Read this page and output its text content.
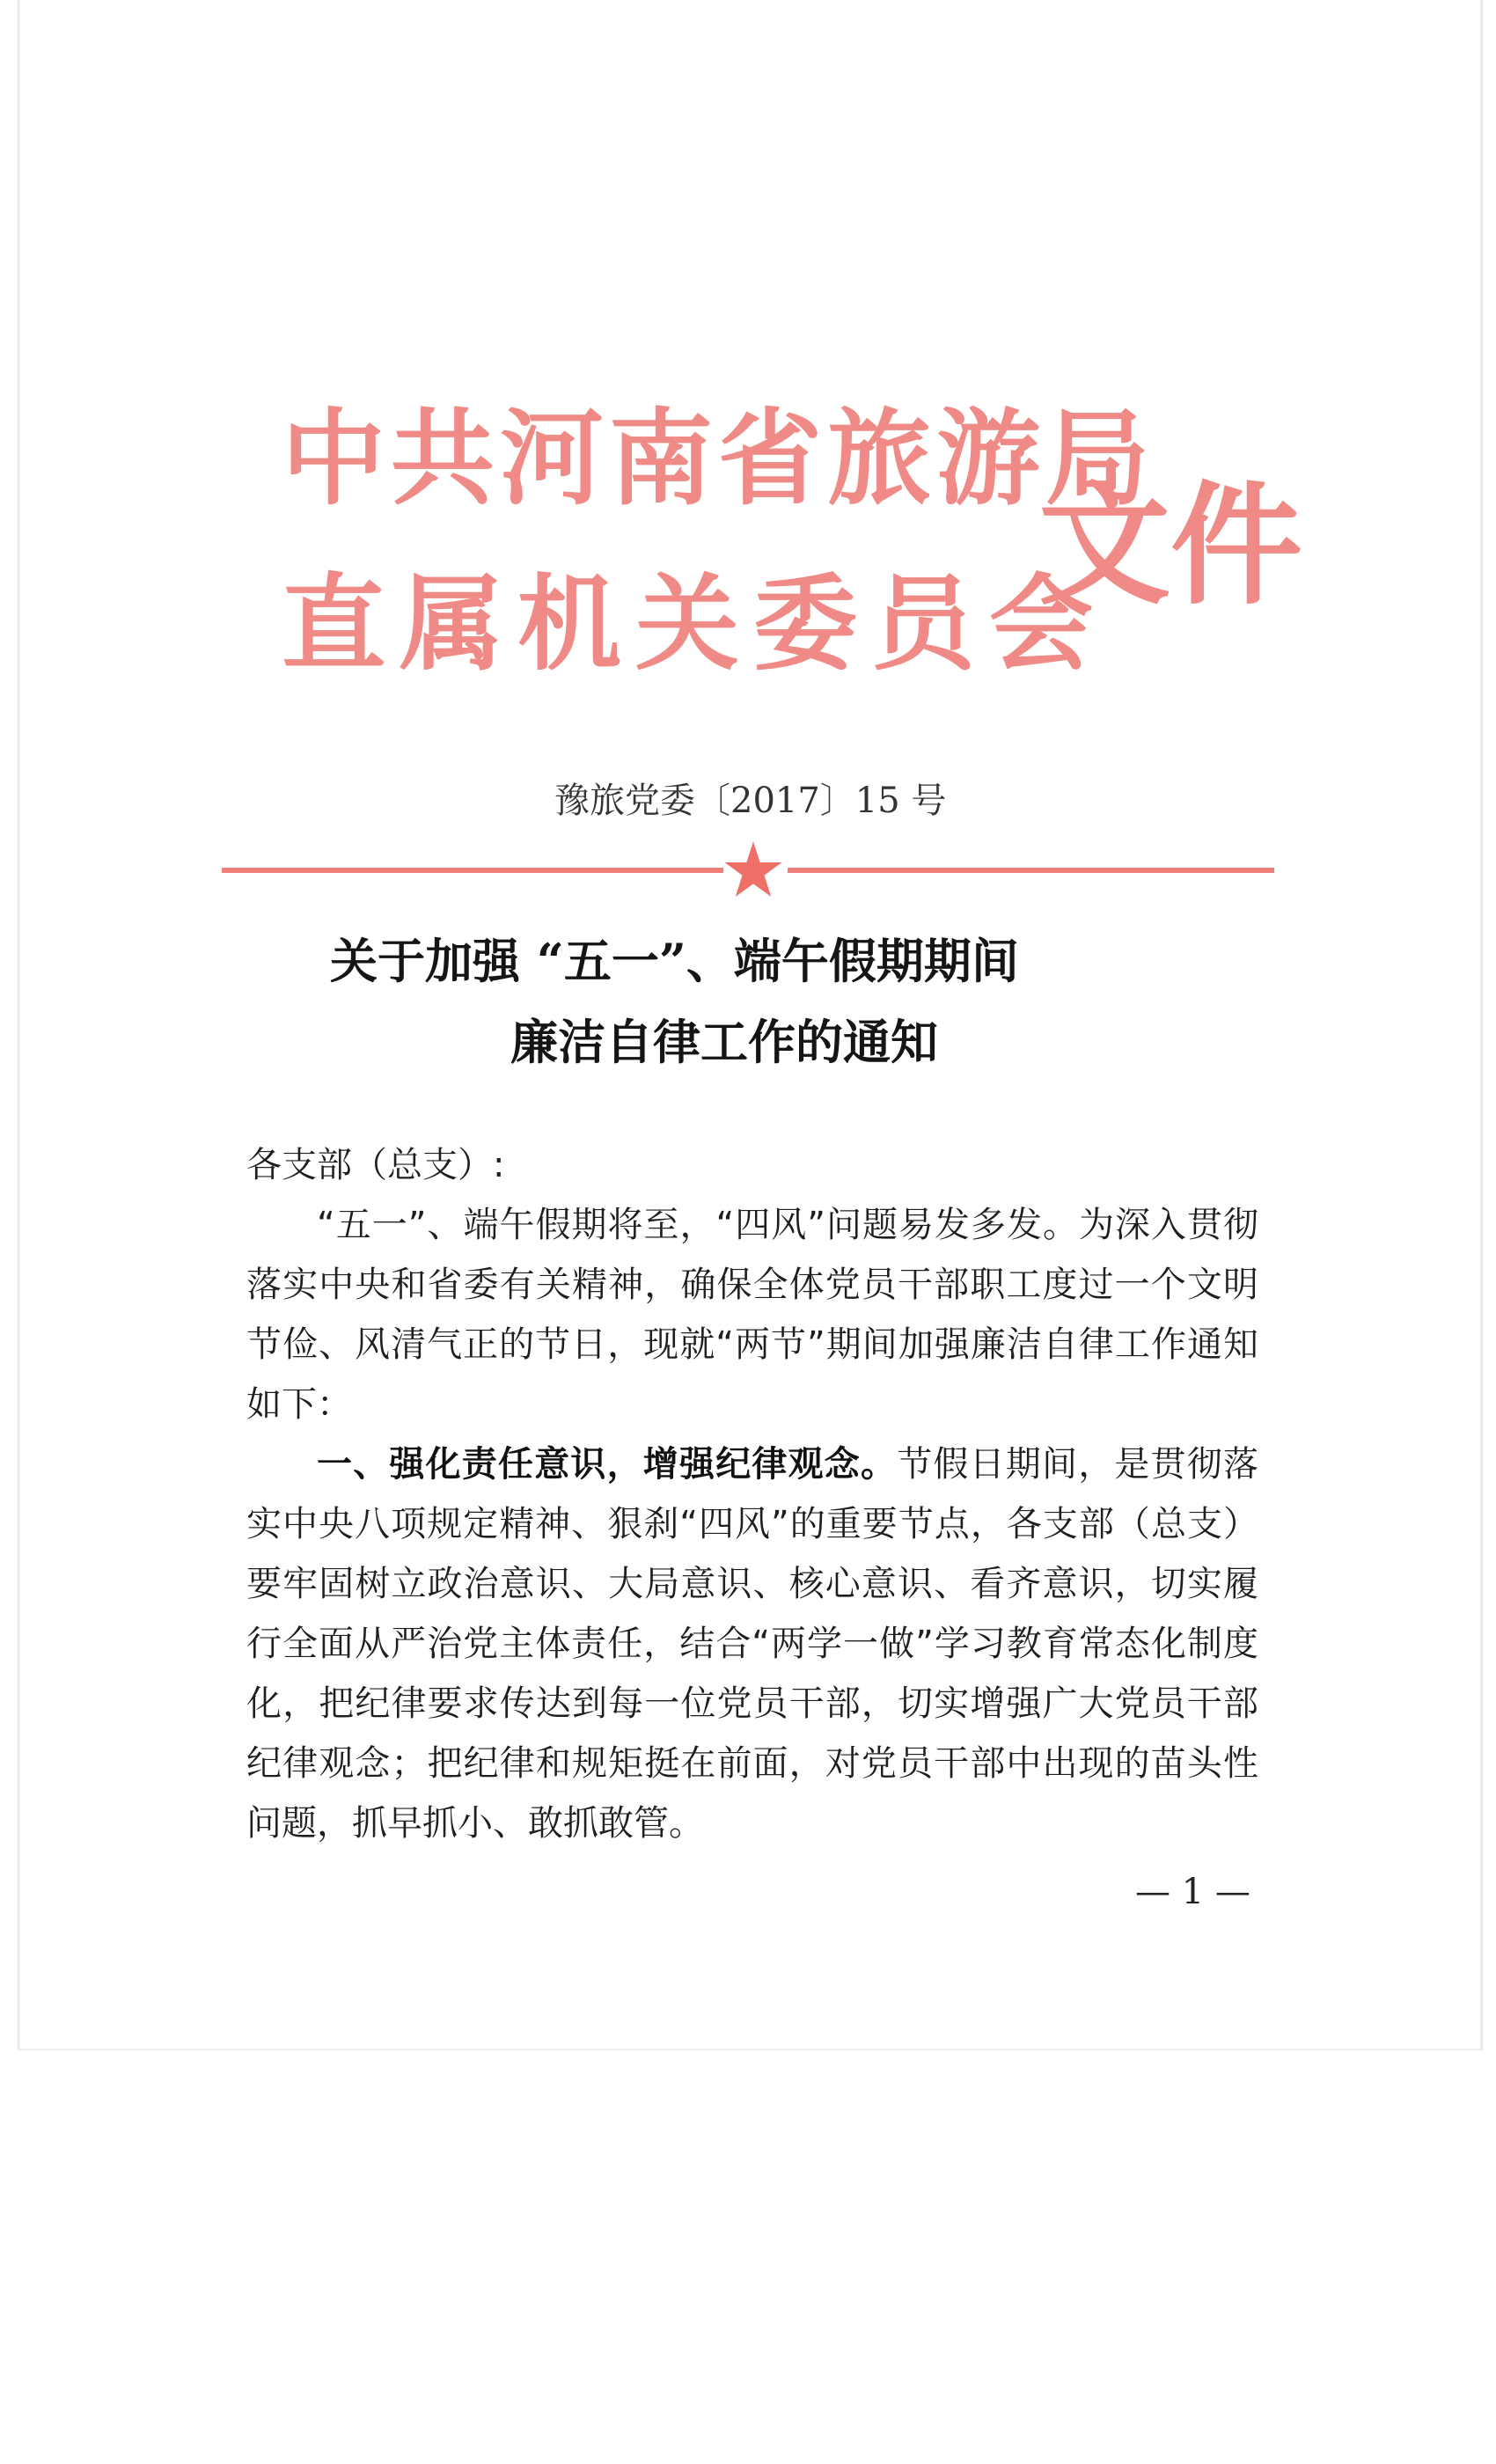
中共河南省旅游局
直属机关委员会
文件
豫旅党委〔2017〕15 号
关于加强 “五一”、端午假期期间
廉洁自律工作的通知
各支部（总支）:
“五一”、端午假期将至，“四风”问题易发多发。为深入贯彻落实中央和省委有关精神，确保全体党员干部职工度过一个文明节俭、风清气正的节日，现就“两节”期间加强廉洁自律工作通知如下：
一、强化责任意识，增强纪律观念。节假日期间，是贯彻落实中央八项规定精神、狠刹“四风”的重要节点，各支部（总支）要牢固树立政治意识、大局意识、核心意识、看齐意识，切实履行全面从严治党主体责任，结合“两学一做”学习教育常态化制度化，把纪律要求传达到每一位党员干部，切实增强广大党员干部纪律观念；把纪律和规矩挺在前面，对党员干部中出现的苗头性问题，抓早抓小、敢抓敢管。
— 1 —
